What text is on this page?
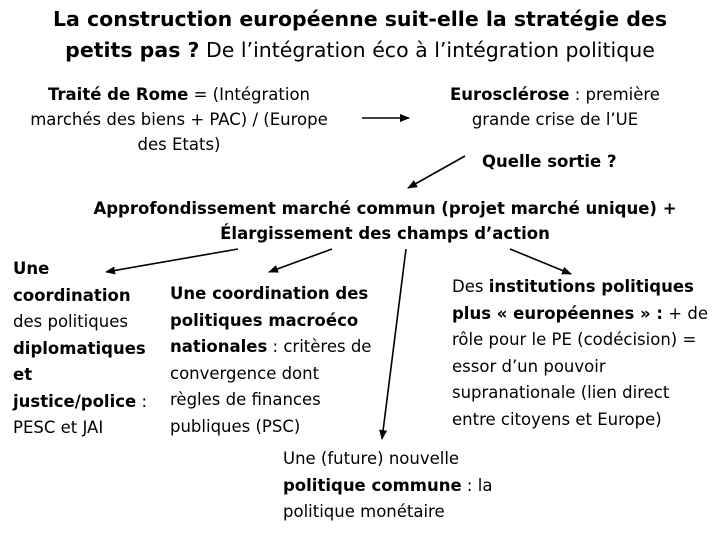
La construction européenne suit-elle la stratégie des
petits pas ? De l’intégration éco à l’intégration politique
Traité de Rome = (Intégration
marchés des biens + PAC) / (Europe
des Etats)
Eurosclérose : première
grande crise de l’UE
Quelle sortie ?
Approfondissement marché commun (projet marché unique) +
Élargissement des champs d’action
Une
coordination
des politiques
diplomatiques
et
justice/police :
PESC et JAI
Une coordination des
politiques macroéco
nationales : critères de
convergence dont
règles de finances
publiques (PSC)
Des institutions politiques
plus « européennes » : + de
rôle pour le PE (codécision) =
essor d’un pouvoir
supranationale (lien direct
entre citoyens et Europe)
Une (future) nouvelle
politique commune : la
politique monétaire
